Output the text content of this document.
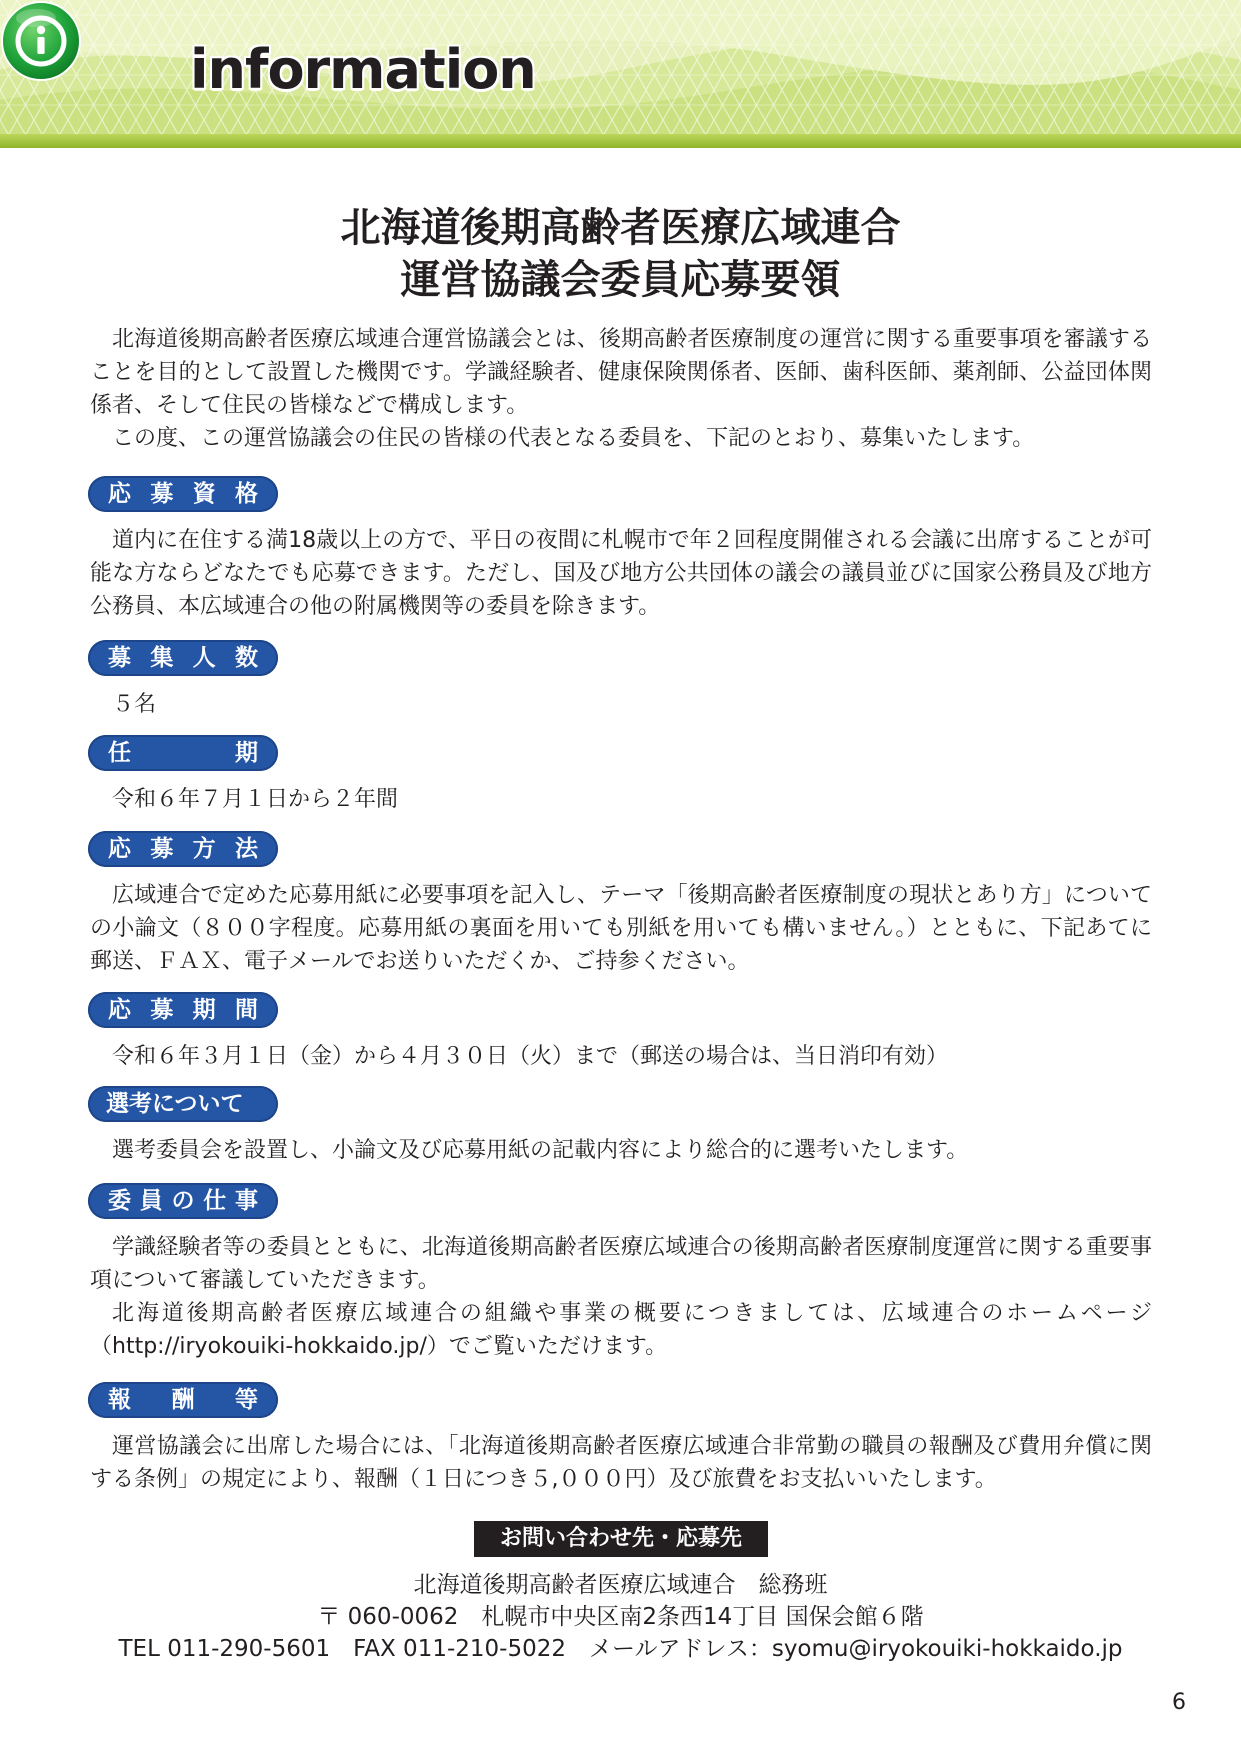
information
北海道後期高齢者医療広域連合
運営協議会委員応募要領
北海道後期高齢者医療広域連合運営協議会とは、後期高齢者医療制度の運営に関する重要事項を審議することを目的として設置した機関です。学識経験者、健康保険関係者、医師、歯科医師、薬剤師、公益団体関係者、そして住民の皆様などで構成します。
この度、この運営協議会の住民の皆様の代表となる委員を、下記のとおり、募集いたします。
応 募 資 格
道内に在住する満18歳以上の方で、平日の夜間に札幌市で年２回程度開催される会議に出席することが可能な方ならどなたでも応募できます。ただし、国及び地方公共団体の議会の議員並びに国家公務員及び地方公務員、本広域連合の他の附属機関等の委員を除きます。
募 集 人 数
５名
任	期
令和６年７月１日から２年間
応 募 方 法
広域連合で定めた応募用紙に必要事項を記入し、テーマ「後期高齢者医療制度の現状とあり方」についての小論文（８００字程度。応募用紙の裏面を用いても別紙を用いても構いません。）とともに、下記あてに郵送、ＦＡＸ、電子メールでお送りいただくか、ご持参ください。
応 募 期 間
令和６年３月１日（金）から４月３０日（火）まで（郵送の場合は、当日消印有効）
選考について
選考委員会を設置し、小論文及び応募用紙の記載内容により総合的に選考いたします。
委 員 の 仕 事
学識経験者等の委員とともに、北海道後期高齢者医療広域連合の後期高齢者医療制度運営に関する重要事項について審議していただきます。
北海道後期高齢者医療広域連合の組織や事業の概要につきましては、広域連合のホームページ（http://iryokouiki-hokkaido.jp/）でご覧いただけます。
報 酬 等
運営協議会に出席した場合には、「北海道後期高齢者医療広域連合非常勤の職員の報酬及び費用弁償に関する条例」の規定により、報酬（１日につき５,０００円）及び旅費をお支払いいたします。
お問い合わせ先・応募先
北海道後期高齢者医療広域連合　総務班
〒 060-0062　札幌市中央区南2条西14丁目 国保会館６階
TEL 011-290-5601　FAX 011-210-5022　メールアドレス：syomu@iryokouiki-hokkaido.jp
6
